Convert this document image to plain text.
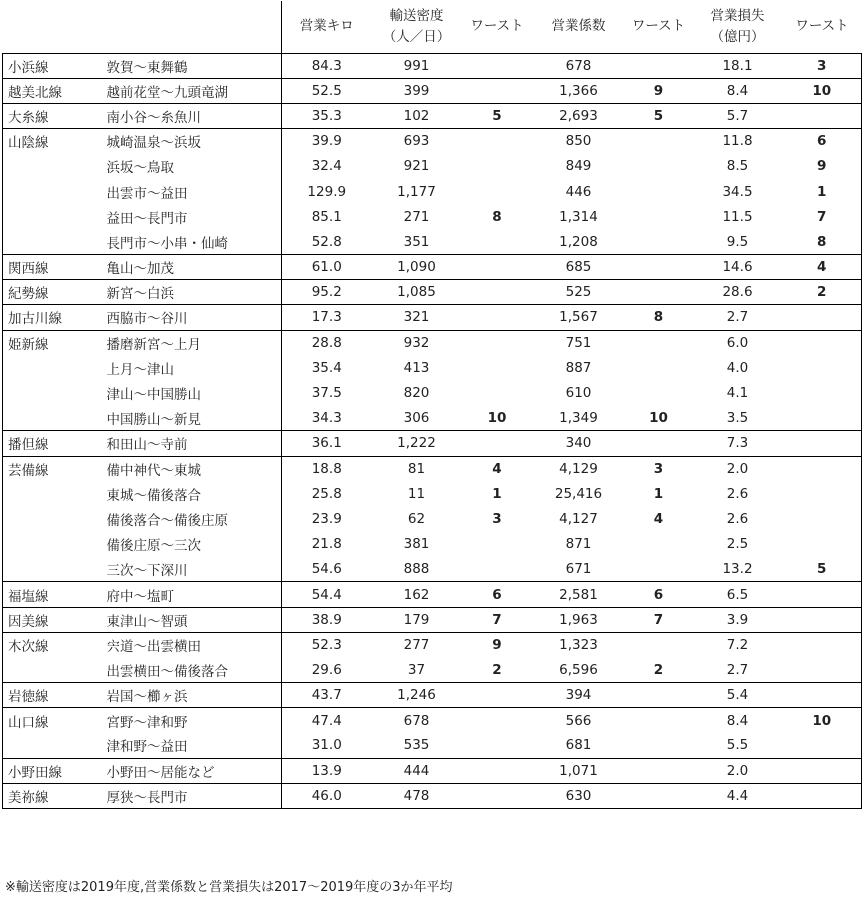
		営業キロ	輸送密度
（人／日）	ワースト	営業係数	ワースト	営業損失
（億円）	ワースト
小浜線	敦賀～東舞鶴	84.3	991		678		18.1	3
越美北線	越前花堂～九頭竜湖	52.5	399		1,366	9	8.4	10
大糸線	南小谷～糸魚川	35.3	102	5	2,693	5	5.7	
山陰線	城崎温泉～浜坂	39.9	693		850		11.8	6
	浜坂～鳥取	32.4	921		849		8.5	9
	出雲市～益田	129.9	1,177		446		34.5	1
	益田～長門市	85.1	271	8	1,314		11.5	7
	長門市～小串・仙崎	52.8	351		1,208		9.5	8
関西線	亀山～加茂	61.0	1,090		685		14.6	4
紀勢線	新宮～白浜	95.2	1,085		525		28.6	2
加古川線	西脇市～谷川	17.3	321		1,567	8	2.7	
姫新線	播磨新宮～上月	28.8	932		751		6.0	
	上月～津山	35.4	413		887		4.0	
	津山～中国勝山	37.5	820		610		4.1	
	中国勝山～新見	34.3	306	10	1,349	10	3.5	
播但線	和田山～寺前	36.1	1,222		340		7.3	
芸備線	備中神代～東城	18.8	81	4	4,129	3	2.0	
	東城～備後落合	25.8	11	1	25,416	1	2.6	
	備後落合～備後庄原	23.9	62	3	4,127	4	2.6	
	備後庄原～三次	21.8	381		871		2.5	
	三次～下深川	54.6	888		671		13.2	5
福塩線	府中～塩町	54.4	162	6	2,581	6	6.5	
因美線	東津山～智頭	38.9	179	7	1,963	7	3.9	
木次線	宍道～出雲横田	52.3	277	9	1,323		7.2	
	出雲横田～備後落合	29.6	37	2	6,596	2	2.7	
岩徳線	岩国～櫛ヶ浜	43.7	1,246		394		5.4	
山口線	宮野～津和野	47.4	678		566		8.4	10
	津和野～益田	31.0	535		681		5.5	
小野田線	小野田～居能など	13.9	444		1,071		2.0	
美祢線	厚狭～長門市	46.0	478		630		4.4	
※輸送密度は2019年度,営業係数と営業損失は2017～2019年度の3か年平均
